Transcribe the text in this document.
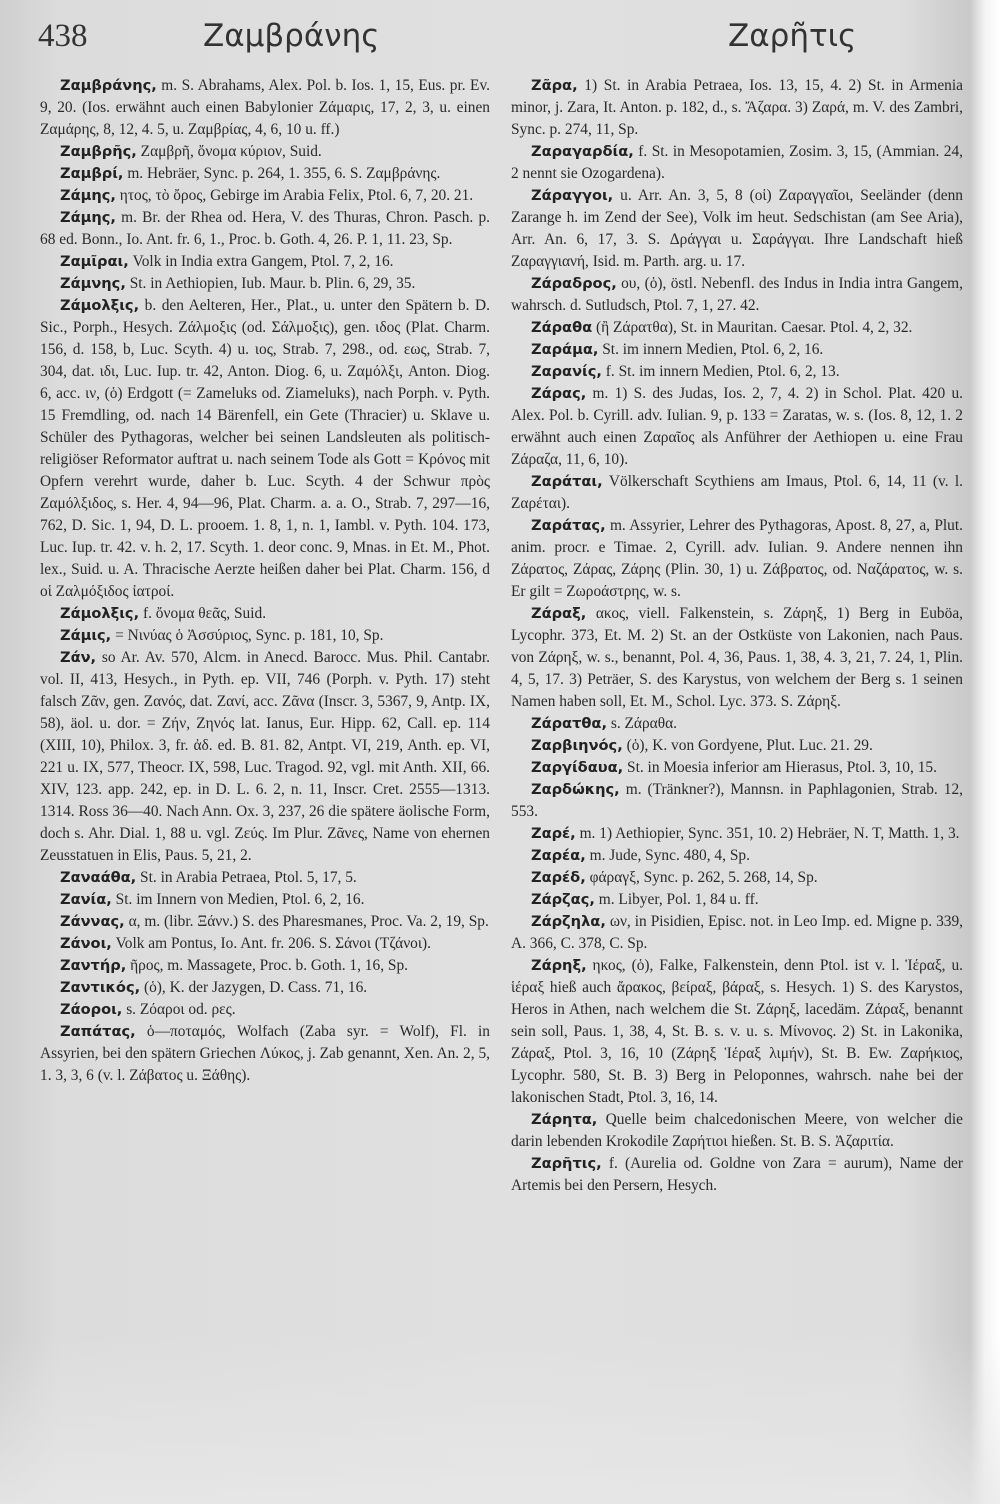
438	Ζαμβράνης	Ζαρῆτις

Ζαμβράνης, m. S. Abrahams, Alex. Pol. b. Ios. 1, 15, Eus. pr. Ev. 9, 20. (Ios. erwähnt auch einen Babylonier Ζάμαρις, 17, 2, 3, u. einen Ζαμάρης, 8, 12, 4. 5, u. Ζαμβρίας, 4, 6, 10 u. ff.)

Ζαμβρῆς, Ζαμβρῆ, ὄνομα κύριον, Suid.

Ζαμβρί, m. Hebräer, Sync. p. 264, 1. 355, 6. S. Ζαμβράνης.

Ζάμης, ητος, τὸ ὄρος, Gebirge im Arabia Felix, Ptol. 6, 7, 20. 21.

Ζάμης, m. Br. der Rhea od. Hera, V. des Thuras, Chron. Pasch. p. 68 ed. Bonn., Io. Ant. fr. 6, 1., Proc. b. Goth. 4, 26. P. 1, 11. 23, Sp.

Ζαμῖραι, Volk in India extra Gangem, Ptol. 7, 2, 16.

Ζάμνης, St. in Aethiopien, Iub. Maur. b. Plin. 6, 29, 35.

Ζάμολξις, b. den Aelteren, Her., Plat., u. unter den Spätern b. D. Sic., Porph., Hesych. Ζάλμοξις (od. Σάλμοξις), gen. ιδος (Plat. Charm. 156, d. 158, b, Luc. Scyth. 4) u. ιος, Strab. 7, 298., od. εως, Strab. 7, 304, dat. ιδι, Luc. Iup. tr. 42, Anton. Diog. 6, u. Ζαμόλξι, Anton. Diog. 6, acc. ιν, (ὁ) Erdgott (= Zameluks od. Ziameluks), nach Porph. v. Pyth. 15 Fremdling, od. nach 14 Bärenfell, ein Gete (Thracier) u. Sklave u. Schüler des Pythagoras, welcher bei seinen Landsleuten als politisch-religiöser Reformator auftrat u. nach seinem Tode als Gott = Κρόνος mit Opfern verehrt wurde, daher b. Luc. Scyth. 4 der Schwur πρὸς Ζαμόλξιδος, s. Her. 4, 94—96, Plat. Charm. a. a. O., Strab. 7, 297—16, 762, D. Sic. 1, 94, D. L. prooem. 1. 8, 1, n. 1, Iambl. v. Pyth. 104. 173, Luc. Iup. tr. 42. v. h. 2, 17. Scyth. 1. deor conc. 9, Mnas. in Et. M., Phot. lex., Suid. u. A. Thracische Aerzte heißen daher bei Plat. Charm. 156, d οἱ Ζαλμόξιδος ἰατροί.

Ζάμολξις, f. ὄνομα θεᾶς, Suid.

Ζάμις, = Νινύας ὁ Ἀσσύριος, Sync. p. 181, 10, Sp.

Ζάν, so Ar. Av. 570, Alcm. in Anecd. Barocc. Mus. Phil. Cantabr. vol. II, 413, Hesych., in Pyth. ep. VII, 746 (Porph. v. Pyth. 17) steht falsch Ζᾶν, gen. Ζανός, dat. Ζανί, acc. Ζᾶνα (Inscr. 3, 5367, 9, Antp. IX, 58), äol. u. dor. = Ζήν, Ζηνός lat. Ianus, Eur. Hipp. 62, Call. ep. 114 (XIII, 10), Philox. 3, fr. ἀδ. ed. B. 81. 82, Antpt. VI, 219, Anth. ep. VI, 221 u. IX, 577, Theocr. IX, 598, Luc. Tragod. 92, vgl. mit Anth. XII, 66. XIV, 123. app. 242, ep. in D. L. 6. 2, n. 11, Inscr. Cret. 2555—1313. 1314. Ross 36—40. Nach Ann. Ox. 3, 237, 26 die spätere äolische Form, doch s. Ahr. Dial. 1, 88 u. vgl. Ζεύς. Im Plur. Ζᾶνες, Name von ehernen Zeusstatuen in Elis, Paus. 5, 21, 2.

Ζαναάθα, St. in Arabia Petraea, Ptol. 5, 17, 5.

Ζανία, St. im Innern von Medien, Ptol. 6, 2, 16.

Ζάννας, α, m. (libr. Ξάνν.) S. des Pharesmanes, Proc. Va. 2, 19, Sp.

Ζάνοι, Volk am Pontus, Io. Ant. fr. 206. S. Σάνοι (Τζάνοι).

Ζαντήρ, ῆρος, m. Massagete, Proc. b. Goth. 1, 16, Sp.

Ζαντικός, (ὁ), K. der Jazygen, D. Cass. 71, 16.

Ζάοροι, s. Ζόαροι od. ρες.

Ζαπάτας, ὁ—ποταμός, Wolfach (Zaba syr. = Wolf), Fl. in Assyrien, bei den spätern Griechen Λύκος, j. Zab genannt, Xen. An. 2, 5, 1. 3, 3, 6 (v. l. Ζάβατος u. Ξάθης).

Ζᾶρα, 1) St. in Arabia Petraea, Ios. 13, 15, 4. 2) St. in Armenia minor, j. Zara, It. Anton. p. 182, d., s. Ἄζαρα. 3) Ζαρά, m. V. des Zambri, Sync. p. 274, 11, Sp.

Ζαραγαρδία, f. St. in Mesopotamien, Zosim. 3, 15, (Ammian. 24, 2 nennt sie Ozogardena).

Ζάραγγοι, u. Arr. An. 3, 5, 8 (οἱ) Ζαραγγαῖοι, Seeländer (denn Zarange h. im Zend der See), Volk im heut. Sedschistan (am See Aria), Arr. An. 6, 17, 3. S. Δράγγαι u. Σαράγγαι. Ihre Landschaft hieß Ζαραγγιανή, Isid. m. Parth. arg. u. 17.

Ζάραδρος, ου, (ὁ), östl. Nebenfl. des Indus in India intra Gangem, wahrsch. d. Sutludsch, Ptol. 7, 1, 27. 42.

Ζάραθα (ἢ Ζάρατθα), St. in Mauritan. Caesar. Ptol. 4, 2, 32.

Ζαράμα, St. im innern Medien, Ptol. 6, 2, 16.

Ζαρανίς, f. St. im innern Medien, Ptol. 6, 2, 13.

Ζάρας, m. 1) S. des Judas, Ios. 2, 7, 4. 2) in Schol. Plat. 420 u. Alex. Pol. b. Cyrill. adv. Iulian. 9, p. 133 = Zaratas, w. s. (Ios. 8, 12, 1. 2 erwähnt auch einen Ζαραῖος als Anführer der Aethiopen u. eine Frau Ζάραζα, 11, 6, 10).

Ζαράται, Völkerschaft Scythiens am Imaus, Ptol. 6, 14, 11 (v. l. Ζαρέται).

Ζαράτας, m. Assyrier, Lehrer des Pythagoras, Apost. 8, 27, a, Plut. anim. procr. e Timae. 2, Cyrill. adv. Iulian. 9. Andere nennen ihn Ζάρατος, Ζάρας, Ζάρης (Plin. 30, 1) u. Ζάβρατος, od. Ναζάρατος, w. s. Er gilt = Ζωροάστρης, w. s.

Ζάραξ, ακος, viell. Falkenstein, s. Ζάρηξ, 1) Berg in Euböa, Lycophr. 373, Et. M. 2) St. an der Ostküste von Lakonien, nach Paus. von Ζάρηξ, w. s., benannt, Pol. 4, 36, Paus. 1, 38, 4. 3, 21, 7. 24, 1, Plin. 4, 5, 17. 3) Peträer, S. des Karystus, von welchem der Berg s. 1 seinen Namen haben soll, Et. M., Schol. Lyc. 373. S. Ζάρηξ.

Ζάρατθα, s. Ζάραθα.

Ζαρβιηνός, (ὁ), K. von Gordyene, Plut. Luc. 21. 29.

Ζαργίδαυα, St. in Moesia inferior am Hierasus, Ptol. 3, 10, 15.

Ζαρδώκης, m. (Tränkner?), Mannsn. in Paphlagonien, Strab. 12, 553.

Ζαρέ, m. 1) Aethiopier, Sync. 351, 10. 2) Hebräer, N. T, Matth. 1, 3.

Ζαρέα, m. Jude, Sync. 480, 4, Sp.

Ζαρέδ, φάραγξ, Sync. p. 262, 5. 268, 14, Sp.

Ζάρζας, m. Libyer, Pol. 1, 84 u. ff.

Ζάρζηλα, ων, in Pisidien, Episc. not. in Leo Imp. ed. Migne p. 339, A. 366, C. 378, C. Sp.

Ζάρηξ, ηκος, (ὁ), Falke, Falkenstein, denn Ptol. ist v. l. Ἱέραξ, u. ἱέραξ hieß auch ἄρακος, βείραξ, βάραξ, s. Hesych. 1) S. des Karystos, Heros in Athen, nach welchem die St. Ζάρηξ, lacedäm. Ζάραξ, benannt sein soll, Paus. 1, 38, 4, St. B. s. v. u. s. Μίνονος. 2) St. in Lakonika, Ζάραξ, Ptol. 3, 16, 10 (Ζάρηξ Ἱέραξ λιμήν), St. B. Ew. Ζαρήκιος, Lycophr. 580, St. B. 3) Berg in Peloponnes, wahrsch. nahe bei der lakonischen Stadt, Ptol. 3, 16, 14.

Ζάρητα, Quelle beim chalcedonischen Meere, von welcher die darin lebenden Krokodile Ζαρήτιοι hießen. St. B. S. Ἀζαριτία.

Ζαρῆτις, f. (Aurelia od. Goldne von Zara = aurum), Name der Artemis bei den Persern, Hesych.
